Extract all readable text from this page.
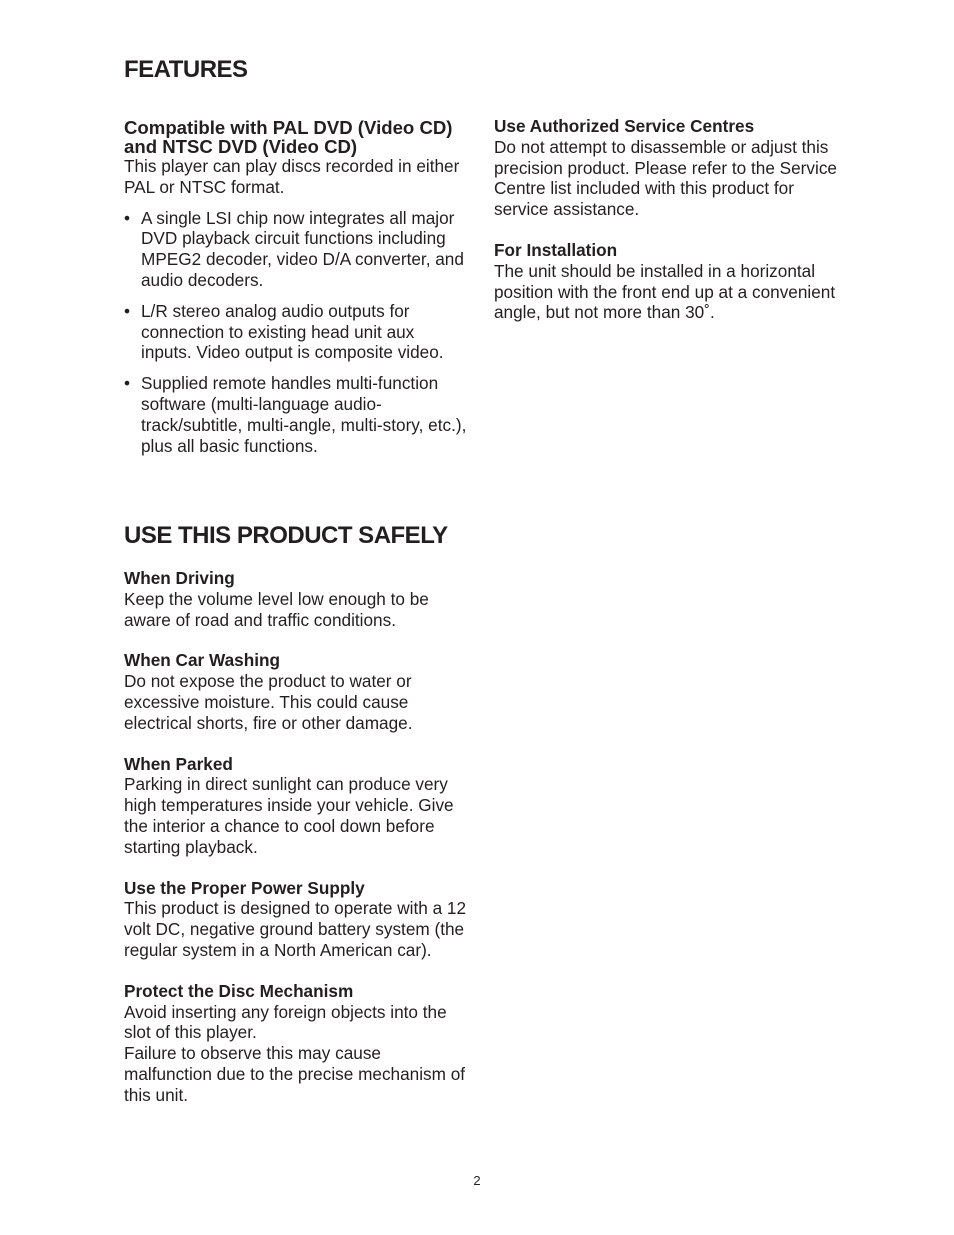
FEATURES
Compatible with PAL DVD (Video CD) and NTSC DVD (Video CD)
This player can play discs recorded in either PAL or NTSC format.
• A single LSI chip now integrates all major DVD playback circuit functions including MPEG2 decoder, video D/A converter, and audio decoders.
• L/R stereo analog audio outputs for connection to existing head unit aux inputs. Video output is composite video.
• Supplied remote handles multi-function software (multi-language audio-track/subtitle, multi-angle, multi-story, etc.), plus all basic functions.
USE THIS PRODUCT SAFELY
When Driving
Keep the volume level low enough to be aware of road and traffic conditions.
When Car Washing
Do not expose the product to water or excessive moisture. This could cause electrical shorts, fire or other damage.
When Parked
Parking in direct sunlight can produce very high temperatures inside your vehicle. Give the interior a chance to cool down before starting playback.
Use the Proper Power Supply
This product is designed to operate with a 12 volt DC, negative ground battery system (the regular system in a North American car).
Protect the Disc Mechanism
Avoid inserting any foreign objects into the slot of this player.
Failure to observe this may cause malfunction due to the precise mechanism of this unit.
Use Authorized Service Centres
Do not attempt to disassemble or adjust this precision product. Please refer to the Service Centre list included with this product for service assistance.
For Installation
The unit should be installed in a horizontal position with the front end up at a convenient angle, but not more than 30˚.
2
